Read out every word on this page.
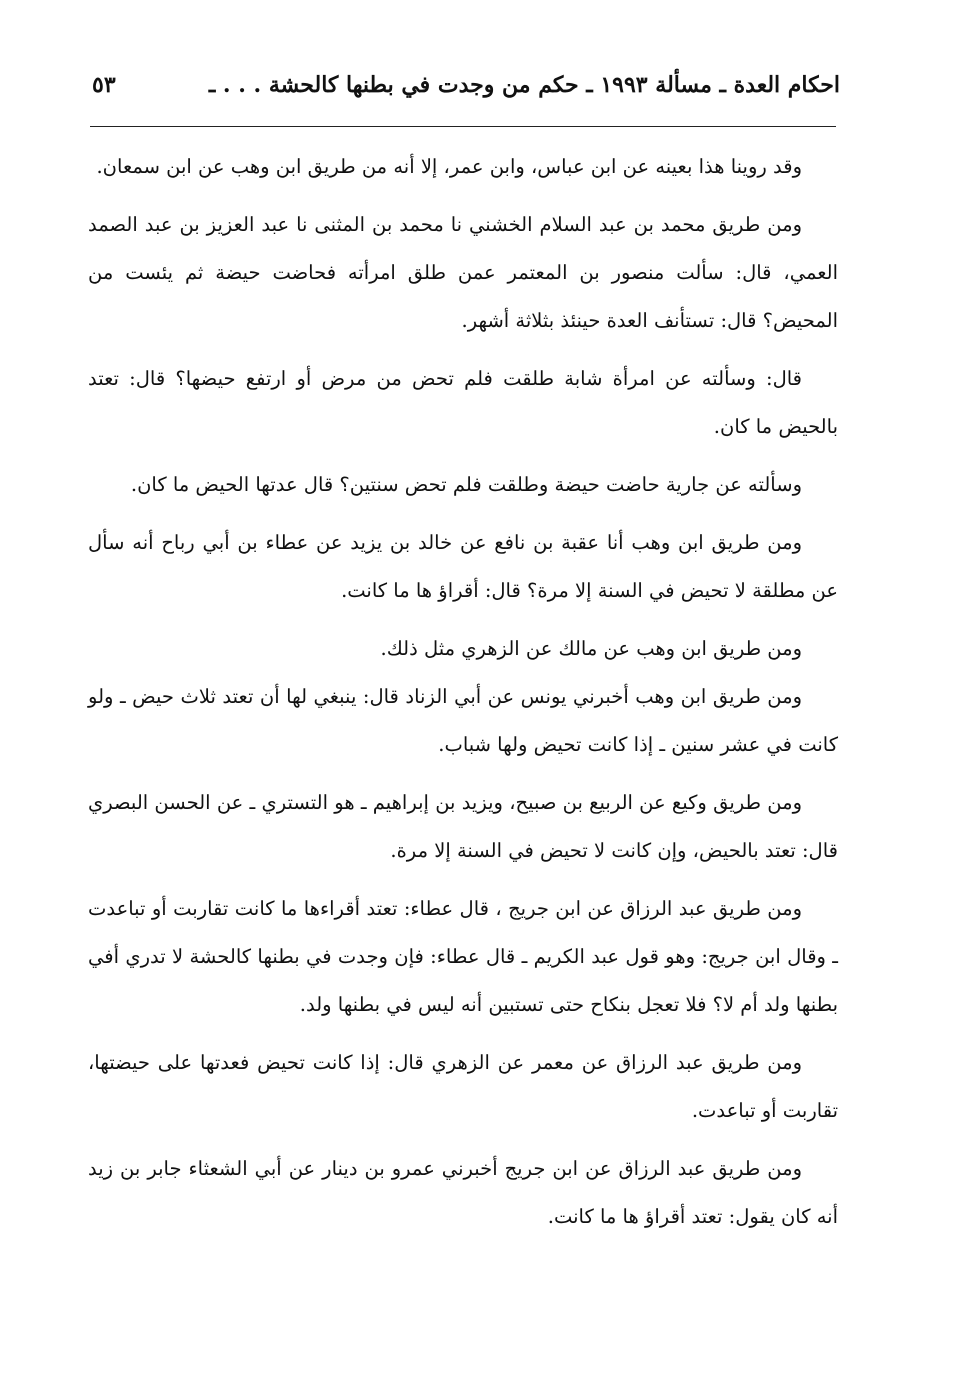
احكام العدة ـ مسألة ١٩٩٣ ـ حكم من وجدت في بطنها كالحشة . . . ـ
٥٣

وقد روينا هذا بعينه عن ابن عباس، وابن عمر، إلا أنه من طريق ابن وهب عن ابن سمعان.

ومن طريق محمد بن عبد السلام الخشني نا محمد بن المثنى نا عبد العزيز بن عبد الصمد العمي، قال: سألت منصور بن المعتمر عمن طلق امرأته فحاضت حيضة ثم يئست من المحيض؟ قال: تستأنف العدة حينئذ بثلاثة أشهر.

قال: وسألته عن امرأة شابة طلقت فلم تحض من مرض أو ارتفع حيضها؟ قال: تعتد بالحيض ما كان.

وسألته عن جارية حاضت حيضة وطلقت فلم تحض سنتين؟ قال عدتها الحيض ما كان.

ومن طريق ابن وهب أنا عقبة بن نافع عن خالد بن يزيد عن عطاء بن أبي رباح أنه سأل عن مطلقة لا تحيض في السنة إلا مرة؟ قال: أقراؤ ها ما كانت.

ومن طريق ابن وهب عن مالك عن الزهري مثل ذلك.

ومن طريق ابن وهب أخبرني يونس عن أبي الزناد قال: ينبغي لها أن تعتد ثلاث حيض ـ ولو كانت في عشر سنين ـ إذا كانت تحيض ولها شباب.

ومن طريق وكيع عن الربيع بن صبيح، ويزيد بن إبراهيم ـ هو التستري ـ عن الحسن البصري قال: تعتد بالحيض، وإن كانت لا تحيض في السنة إلا مرة.

ومن طريق عبد الرزاق عن ابن جريج ، قال عطاء: تعتد أقراءها ما كانت تقاربت أو تباعدت ـ وقال ابن جريج: وهو قول عبد الكريم ـ قال عطاء: فإن وجدت في بطنها كالحشة لا تدري أفي بطنها ولد أم لا؟ فلا تعجل بنكاح حتى تستبين أنه ليس في بطنها ولد.

ومن طريق عبد الرزاق عن معمر عن الزهري قال: إذا كانت تحيض فعدتها على حيضتها، تقاربت أو تباعدت.

ومن طريق عبد الرزاق عن ابن جريج أخبرني عمرو بن دينار عن أبي الشعثاء جابر بن زيد أنه كان يقول: تعتد أقراؤ ها ما كانت.
